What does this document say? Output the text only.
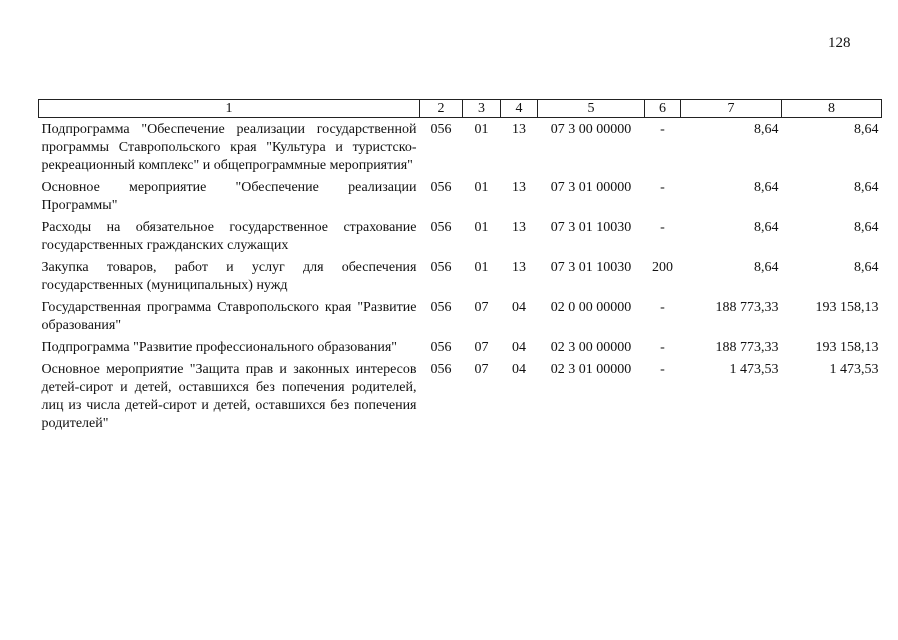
128
1	2	3	4	5	6	7	8
Подпрограмма "Обеспечение реализации государственной программы Ставропольского края "Культура и туристско-рекреационный комплекс" и общепрограммные мероприятия"	056	01	13	07 3 00 00000	-	8,64	8,64
Основное мероприятие "Обеспечение реализации Программы"	056	01	13	07 3 01 00000	-	8,64	8,64
Расходы на обязательное государственное страхование государственных гражданских служащих	056	01	13	07 3 01 10030	-	8,64	8,64
Закупка товаров, работ и услуг для обеспечения государственных (муниципальных) нужд	056	01	13	07 3 01 10030	200	8,64	8,64
Государственная программа Ставропольского края "Развитие образования"	056	07	04	02 0 00 00000	-	188 773,33	193 158,13
Подпрограмма "Развитие профессионального образования"	056	07	04	02 3 00 00000	-	188 773,33	193 158,13
Основное мероприятие "Защита прав и законных интересов детей-сирот и детей, оставшихся без попечения родителей, лиц из числа детей-сирот и детей, оставшихся без попечения родителей"	056	07	04	02 3 01 00000	-	1 473,53	1 473,53
